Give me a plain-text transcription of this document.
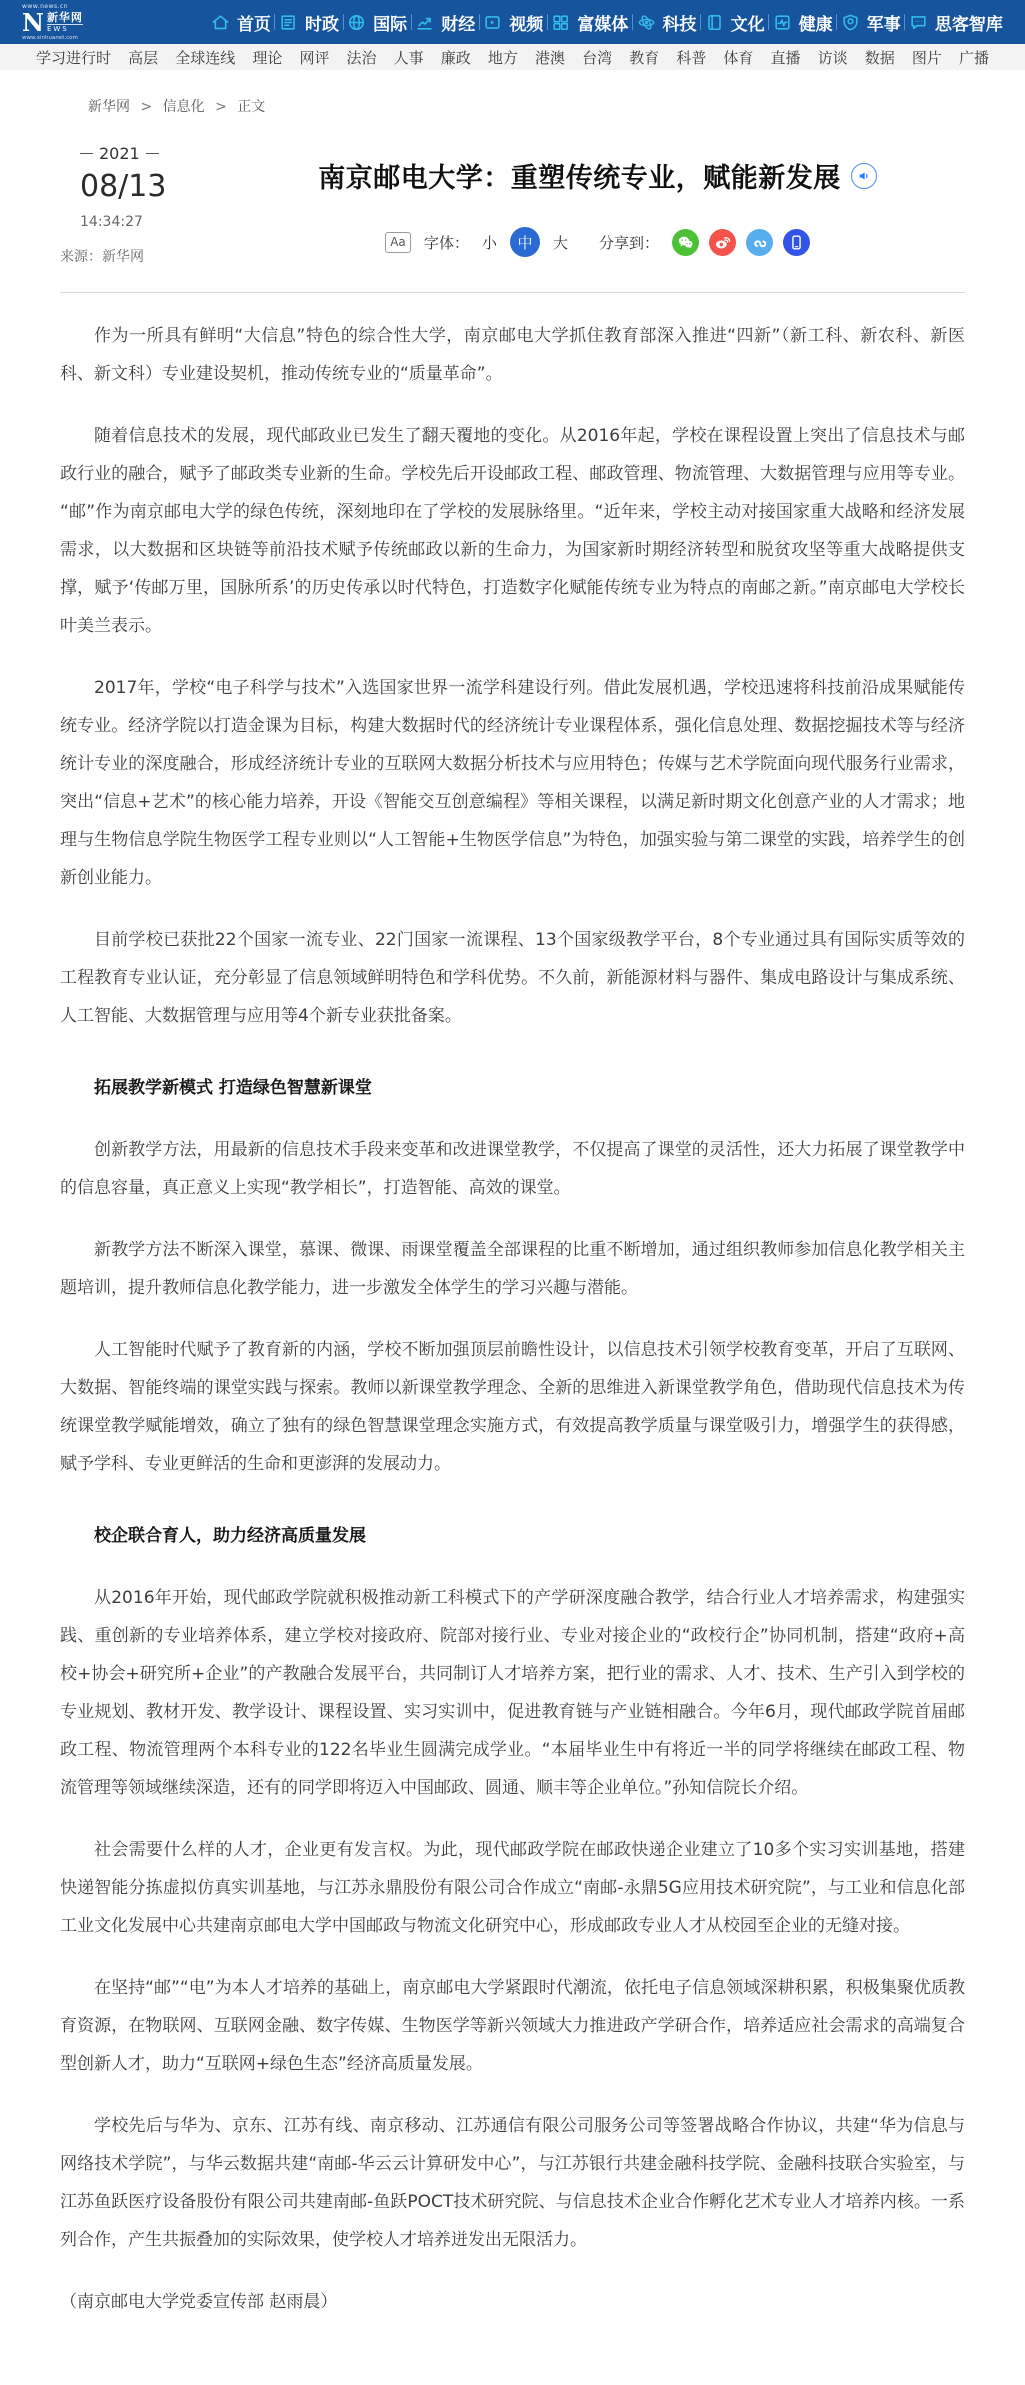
www.news.cn
N 新华网
EWS
www.xinhuanet.com
首页 时政 国际 财经 视频 富媒体 科技 文化 健康 军事 思客智库
学习进行时 高层 全球连线 理论 网评 法治 人事 廉政 地方 港澳 台湾 教育 科普 体育 直播 访谈 数据 图片 广播
新华网 > 信息化 > 正文
2021
08/13
14:34:27
来源：新华网
南京邮电大学：重塑传统专业，赋能新发展
Aa	字体： 小	中	大 分享到：

作为一所具有鲜明“大信息”特色的综合性大学，南京邮电大学抓住教育部深入推进“四新”（新工科、新农科、新医科、新文科）专业建设契机，推动传统专业的“质量革命”。

随着信息技术的发展，现代邮政业已发生了翻天覆地的变化。从2016年起，学校在课程设置上突出了信息技术与邮政行业的融合，赋予了邮政类专业新的生命。学校先后开设邮政工程、邮政管理、物流管理、大数据管理与应用等专业。“邮”作为南京邮电大学的绿色传统，深刻地印在了学校的发展脉络里。“近年来，学校主动对接国家重大战略和经济发展需求，以大数据和区块链等前沿技术赋予传统邮政以新的生命力，为国家新时期经济转型和脱贫攻坚等重大战略提供支撑，赋予‘传邮万里，国脉所系’的历史传承以时代特色，打造数字化赋能传统专业为特点的南邮之新。”南京邮电大学校长叶美兰表示。

2017年，学校“电子科学与技术”入选国家世界一流学科建设行列。借此发展机遇，学校迅速将科技前沿成果赋能传统专业。经济学院以打造金课为目标，构建大数据时代的经济统计专业课程体系，强化信息处理、数据挖掘技术等与经济统计专业的深度融合，形成经济统计专业的互联网大数据分析技术与应用特色；传媒与艺术学院面向现代服务行业需求，突出“信息+艺术”的核心能力培养，开设《智能交互创意编程》等相关课程，以满足新时期文化创意产业的人才需求；地理与生物信息学院生物医学工程专业则以“人工智能+生物医学信息”为特色，加强实验与第二课堂的实践，培养学生的创新创业能力。

目前学校已获批22个国家一流专业、22门国家一流课程、13个国家级教学平台，8个专业通过具有国际实质等效的工程教育专业认证，充分彰显了信息领域鲜明特色和学科优势。不久前，新能源材料与器件、集成电路设计与集成系统、人工智能、大数据管理与应用等4个新专业获批备案。

拓展教学新模式 打造绿色智慧新课堂

创新教学方法，用最新的信息技术手段来变革和改进课堂教学，不仅提高了课堂的灵活性，还大力拓展了课堂教学中的信息容量，真正意义上实现“教学相长”，打造智能、高效的课堂。

新教学方法不断深入课堂，慕课、微课、雨课堂覆盖全部课程的比重不断增加，通过组织教师参加信息化教学相关主题培训，提升教师信息化教学能力，进一步激发全体学生的学习兴趣与潜能。

人工智能时代赋予了教育新的内涵，学校不断加强顶层前瞻性设计，以信息技术引领学校教育变革，开启了互联网、大数据、智能终端的课堂实践与探索。教师以新课堂教学理念、全新的思维进入新课堂教学角色，借助现代信息技术为传统课堂教学赋能增效，确立了独有的绿色智慧课堂理念实施方式，有效提高教学质量与课堂吸引力，增强学生的获得感，赋予学科、专业更鲜活的生命和更澎湃的发展动力。

校企联合育人，助力经济高质量发展

从2016年开始，现代邮政学院就积极推动新工科模式下的产学研深度融合教学，结合行业人才培养需求，构建强实践、重创新的专业培养体系，建立学校对接政府、院部对接行业、专业对接企业的“政校行企”协同机制，搭建“政府+高校+协会+研究所+企业”的产教融合发展平台，共同制订人才培养方案，把行业的需求、人才、技术、生产引入到学校的专业规划、教材开发、教学设计、课程设置、实习实训中，促进教育链与产业链相融合。今年6月，现代邮政学院首届邮政工程、物流管理两个本科专业的122名毕业生圆满完成学业。“本届毕业生中有将近一半的同学将继续在邮政工程、物流管理等领域继续深造，还有的同学即将迈入中国邮政、圆通、顺丰等企业单位。”孙知信院长介绍。

社会需要什么样的人才，企业更有发言权。为此，现代邮政学院在邮政快递企业建立了10多个实习实训基地，搭建快递智能分拣虚拟仿真实训基地，与江苏永鼎股份有限公司合作成立“南邮-永鼎5G应用技术研究院”，与工业和信息化部工业文化发展中心共建南京邮电大学中国邮政与物流文化研究中心，形成邮政专业人才从校园至企业的无缝对接。

在坚持“邮”“电”为本人才培养的基础上，南京邮电大学紧跟时代潮流，依托电子信息领域深耕积累，积极集聚优质教育资源，在物联网、互联网金融、数字传媒、生物医学等新兴领域大力推进政产学研合作，培养适应社会需求的高端复合型创新人才，助力“互联网+绿色生态”经济高质量发展。

学校先后与华为、京东、江苏有线、南京移动、江苏通信有限公司服务公司等签署战略合作协议，共建“华为信息与网络技术学院”，与华云数据共建“南邮-华云云计算研发中心”，与江苏银行共建金融科技学院、金融科技联合实验室，与江苏鱼跃医疗设备股份有限公司共建南邮-鱼跃POCT技术研究院、与信息技术企业合作孵化艺术专业人才培养内核。一系列合作，产生共振叠加的实际效果，使学校人才培养迸发出无限活力。

（南京邮电大学党委宣传部 赵雨晨）
